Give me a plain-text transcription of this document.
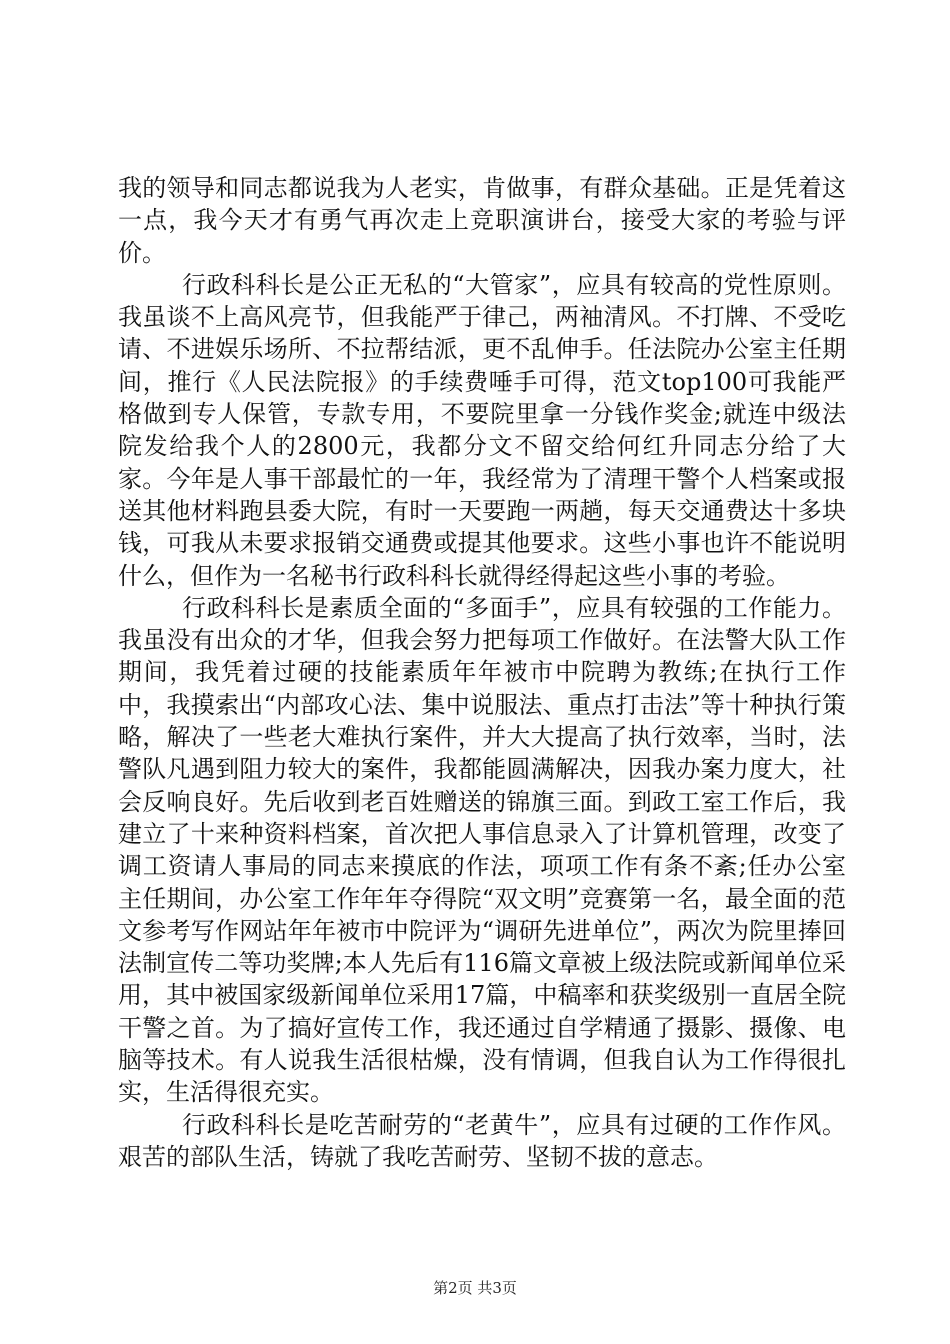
我的领导和同志都说我为人老实，肯做事，有群众基础。正是凭着这一点，我今天才有勇气再次走上竞职演讲台，接受大家的考验与评价。

行政科科长是公正无私的“大管家”，应具有较高的党性原则。我虽谈不上高风亮节，但我能严于律己，两袖清风。不打牌、不受吃请、不进娱乐场所、不拉帮结派，更不乱伸手。任法院办公室主任期间，推行《人民法院报》的手续费唾手可得，范文top100可我能严格做到专人保管，专款专用，不要院里拿一分钱作奖金;就连中级法院发给我个人的2800元，我都分文不留交给何红升同志分给了大家。今年是人事干部最忙的一年，我经常为了清理干警个人档案或报送其他材料跑县委大院，有时一天要跑一两趟，每天交通费达十多块钱，可我从未要求报销交通费或提其他要求。这些小事也许不能说明什么，但作为一名秘书行政科科长就得经得起这些小事的考验。

行政科科长是素质全面的“多面手”，应具有较强的工作能力。我虽没有出众的才华，但我会努力把每项工作做好。在法警大队工作期间，我凭着过硬的技能素质年年被市中院聘为教练;在执行工作中，我摸索出“内部攻心法、集中说服法、重点打击法”等十种执行策略，解决了一些老大难执行案件，并大大提高了执行效率，当时，法警队凡遇到阻力较大的案件，我都能圆满解决，因我办案力度大，社会反响良好。先后收到老百姓赠送的锦旗三面。到政工室工作后，我建立了十来种资料档案，首次把人事信息录入了计算机管理，改变了调工资请人事局的同志来摸底的作法，项项工作有条不紊;任办公室主任期间，办公室工作年年夺得院“双文明”竞赛第一名，最全面的范文参考写作网站年年被市中院评为“调研先进单位”，两次为院里捧回法制宣传二等功奖牌;本人先后有116篇文章被上级法院或新闻单位采用，其中被国家级新闻单位采用17篇，中稿率和获奖级别一直居全院干警之首。为了搞好宣传工作，我还通过自学精通了摄影、摄像、电脑等技术。有人说我生活很枯燥，没有情调，但我自认为工作得很扎实，生活得很充实。

行政科科长是吃苦耐劳的“老黄牛”，应具有过硬的工作作风。艰苦的部队生活，铸就了我吃苦耐劳、坚韧不拔的意志。

第2页 共3页
